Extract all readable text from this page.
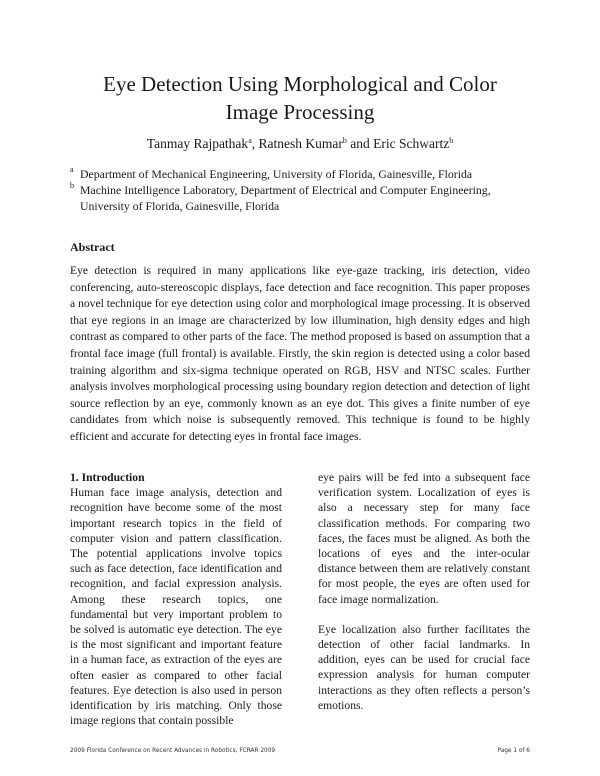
Eye Detection Using Morphological and Color
Image Processing
Tanmay Rajpathak$^a$, Ratnesh Kumar$^b$ and Eric Schwartz$^b$
a Department of Mechanical Engineering, University of Florida, Gainesville, Florida
b Machine Intelligence Laboratory, Department of Electrical and Computer Engineering,
University of Florida, Gainesville, Florida
Abstract

Eye detection is required in many applications like eye-gaze tracking, iris detection, video conferencing, auto-stereoscopic displays, face detection and face recognition. This paper proposes a novel technique for eye detection using color and morphological image processing. It is observed that eye regions in an image are characterized by low illumination, high density edges and high contrast as compared to other parts of the face. The method proposed is based on assumption that a frontal face image (full frontal) is available. Firstly, the skin region is detected using a color based training algorithm and six-sigma technique operated on RGB, HSV and NTSC scales. Further analysis involves morphological processing using boundary region detection and detection of light source reflection by an eye, commonly known as an eye dot. This gives a finite number of eye candidates from which noise is subsequently removed. This technique is found to be highly efficient and accurate for detecting eyes in frontal face images.

1. Introduction

Human face image analysis, detection and recognition have become some of the most important research topics in the field of computer vision and pattern classification. The potential applications involve topics such as face detection, face identification and recognition, and facial expression analysis. Among these research topics, one fundamental but very important problem to be solved is automatic eye detection. The eye is the most significant and important feature in a human face, as extraction of the eyes are often easier as compared to other facial features. Eye detection is also used in person identification by iris matching. Only those image regions that contain possible

eye pairs will be fed into a subsequent face verification system. Localization of eyes is also a necessary step for many face classification methods. For comparing two faces, the faces must be aligned. As both the locations of eyes and the inter-ocular distance between them are relatively constant for most people, the eyes are often used for face image normalization.

Eye localization also further facilitates the detection of other facial landmarks. In addition, eyes can be used for crucial face expression analysis for human computer interactions as they often reflects a person’s emotions.

2009 Florida Conference on Recent Advances in Robotics, FCRAR 2009	Page 1 of 6
